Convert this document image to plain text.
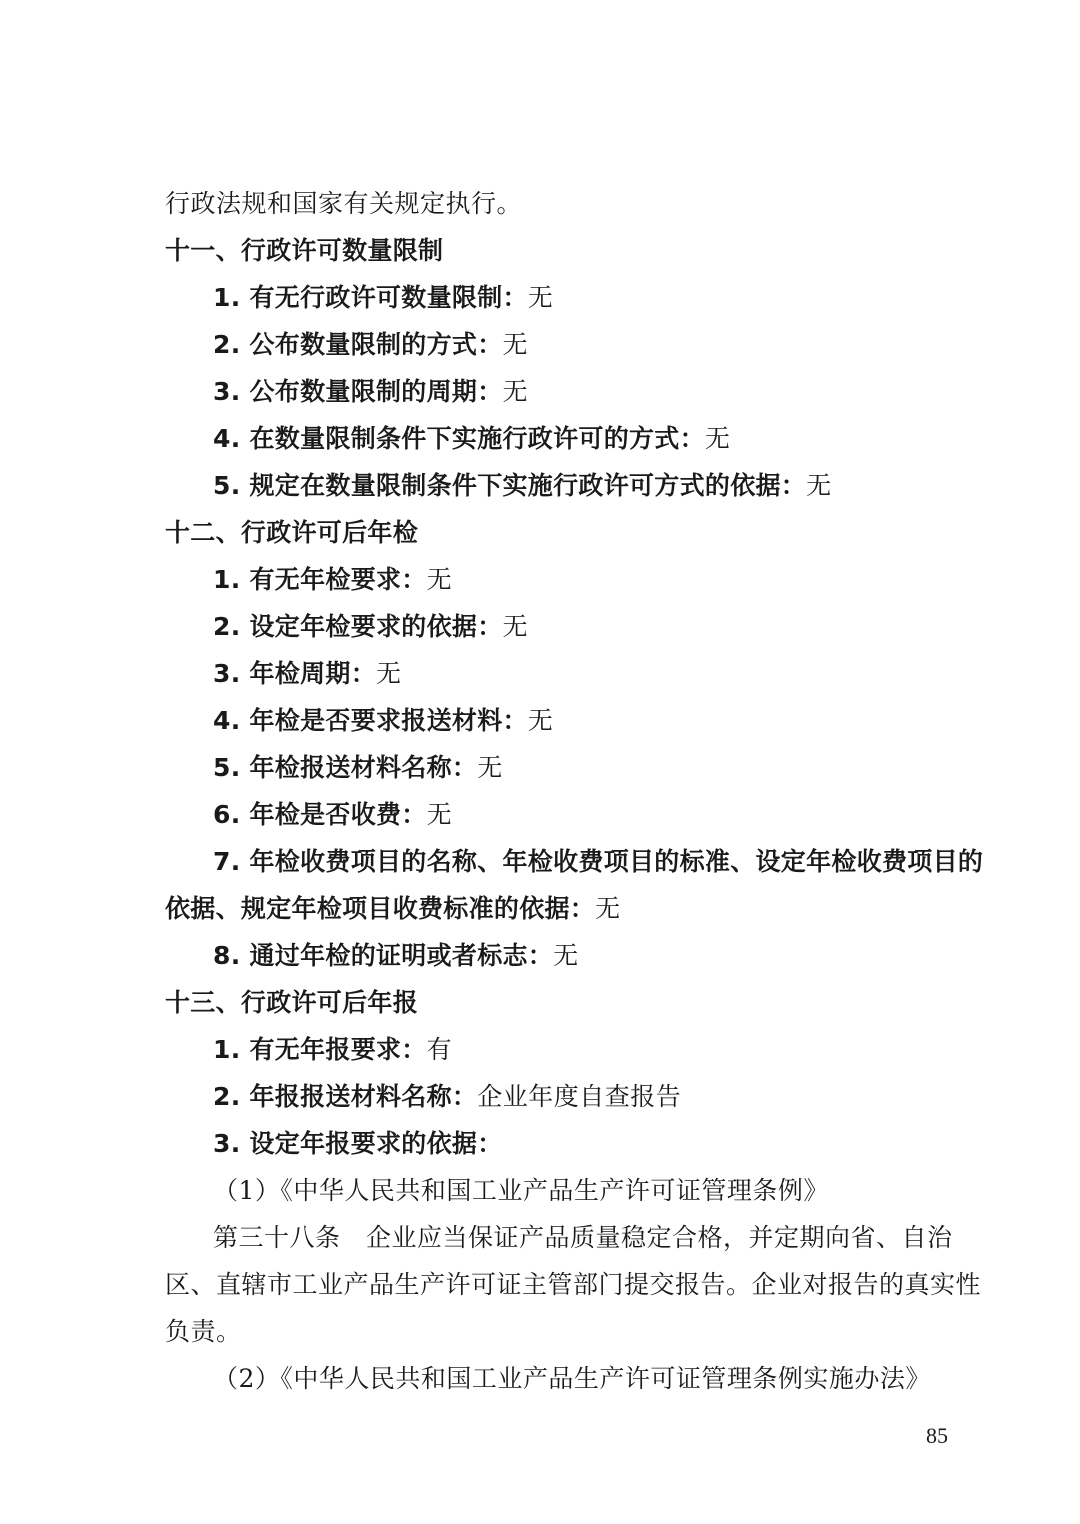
行政法规和国家有关规定执行。
十一、行政许可数量限制
1. 有无行政许可数量限制：无
2. 公布数量限制的方式：无
3. 公布数量限制的周期：无
4. 在数量限制条件下实施行政许可的方式：无
5. 规定在数量限制条件下实施行政许可方式的依据：无
十二、行政许可后年检
1. 有无年检要求：无
2. 设定年检要求的依据：无
3. 年检周期：无
4. 年检是否要求报送材料：无
5. 年检报送材料名称：无
6. 年检是否收费：无
7. 年检收费项目的名称、年检收费项目的标准、设定年检收费项目的
依据、规定年检项目收费标准的依据：无
8. 通过年检的证明或者标志：无
十三、行政许可后年报
1. 有无年报要求：有
2. 年报报送材料名称：企业年度自查报告
3. 设定年报要求的依据：
（1）《中华人民共和国工业产品生产许可证管理条例》
第三十八条　企业应当保证产品质量稳定合格，并定期向省、自治
区、直辖市工业产品生产许可证主管部门提交报告。企业对报告的真实性
负责。
（2）《中华人民共和国工业产品生产许可证管理条例实施办法》
85
